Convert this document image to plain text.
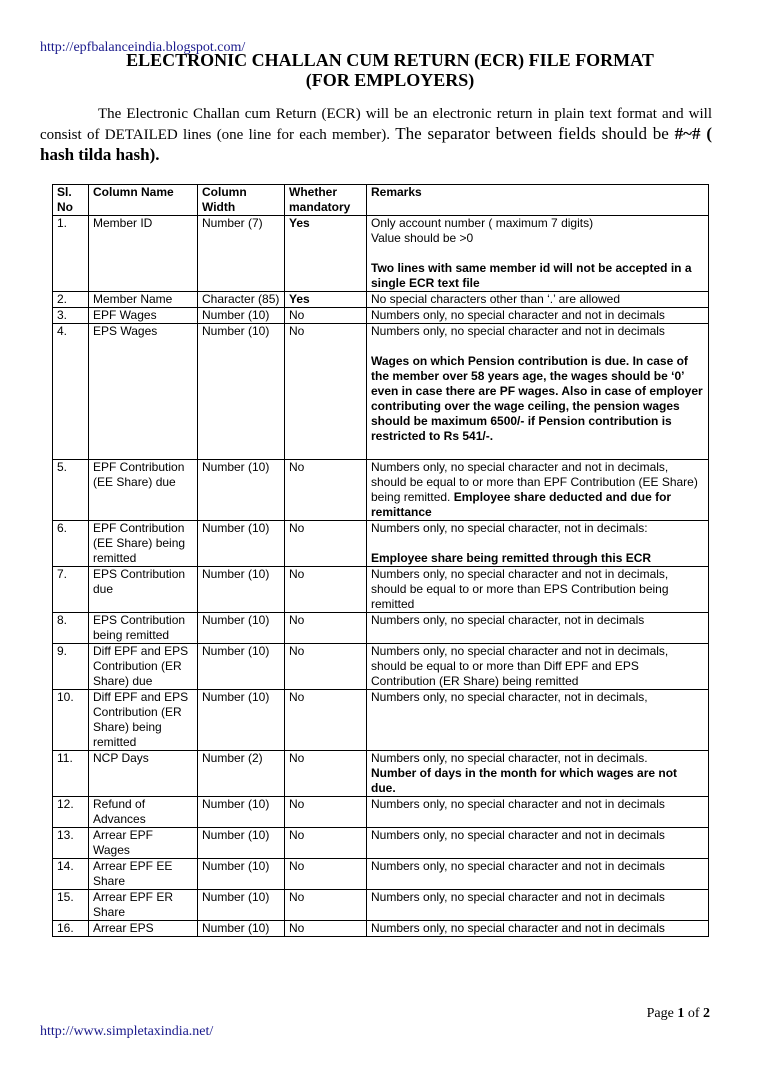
http://epfbalanceindia.blogspot.com/
ELECTRONIC CHALLAN CUM RETURN (ECR) FILE FORMAT
(FOR EMPLOYERS)
The Electronic Challan cum Return (ECR) will be an electronic return in plain text format and will consist of DETAILED lines (one line for each member). The separator between fields should be #~# ( hash tilda hash).
Sl. No	Column Name	Column Width	Whether mandatory	Remarks
1.	Member ID	Number (7)	Yes	Only account number ( maximum 7 digits)
Value should be >0
Two lines with same member id will not be accepted in a single ECR text file

2.	Member Name	Character (85)	Yes	No special characters other than ‘.’ are allowed

3.	EPF Wages	Number (10)	No	Numbers only, no special character and not in decimals

4.	EPS Wages	Number (10)	No	Numbers only, no special character and not in decimals
Wages on which Pension contribution is due. In case of the member over 58 years age, the wages should be ‘0’ even in case there are PF wages. Also in case of employer contributing over the wage ceiling, the pension wages should be maximum 6500/- if Pension contribution is restricted to Rs 541/-.

5.	EPF Contribution (EE Share) due	Number (10)	No	Numbers only, no special character and not in decimals, should be equal to or more than EPF Contribution (EE Share) being remitted. Employee share deducted and due for remittance

6.	EPF Contribution (EE Share) being remitted	Number (10)	No	Numbers only, no special character, not in decimals:
Employee share being remitted through this ECR

7.	EPS Contribution due	Number (10)	No	Numbers only, no special character and not in decimals, should be equal to or more than EPS Contribution being remitted

8.	EPS Contribution being remitted	Number (10)	No	Numbers only, no special character, not in decimals

9.	Diff EPF and EPS Contribution (ER Share) due	Number (10)	No	Numbers only, no special character and not in decimals, should be equal to or more than Diff EPF and EPS Contribution (ER Share) being remitted

10.	Diff EPF and EPS Contribution (ER Share) being remitted	Number (10)	No	Numbers only, no special character, not in decimals,

11.	NCP Days	Number (2)	No	Numbers only, no special character, not in decimals.
Number of days in the month for which wages are not due.

12.	Refund of Advances	Number (10)	No	Numbers only, no special character and not in decimals

13.	Arrear EPF Wages	Number (10)	No	Numbers only, no special character and not in decimals

14.	Arrear EPF EE Share	Number (10)	No	Numbers only, no special character and not in decimals

15.	Arrear EPF ER Share	Number (10)	No	Numbers only, no special character and not in decimals

16.	Arrear EPS	Number (10)	No	Numbers only, no special character and not in decimals
Page 1 of 2
http://www.simpletaxindia.net/
